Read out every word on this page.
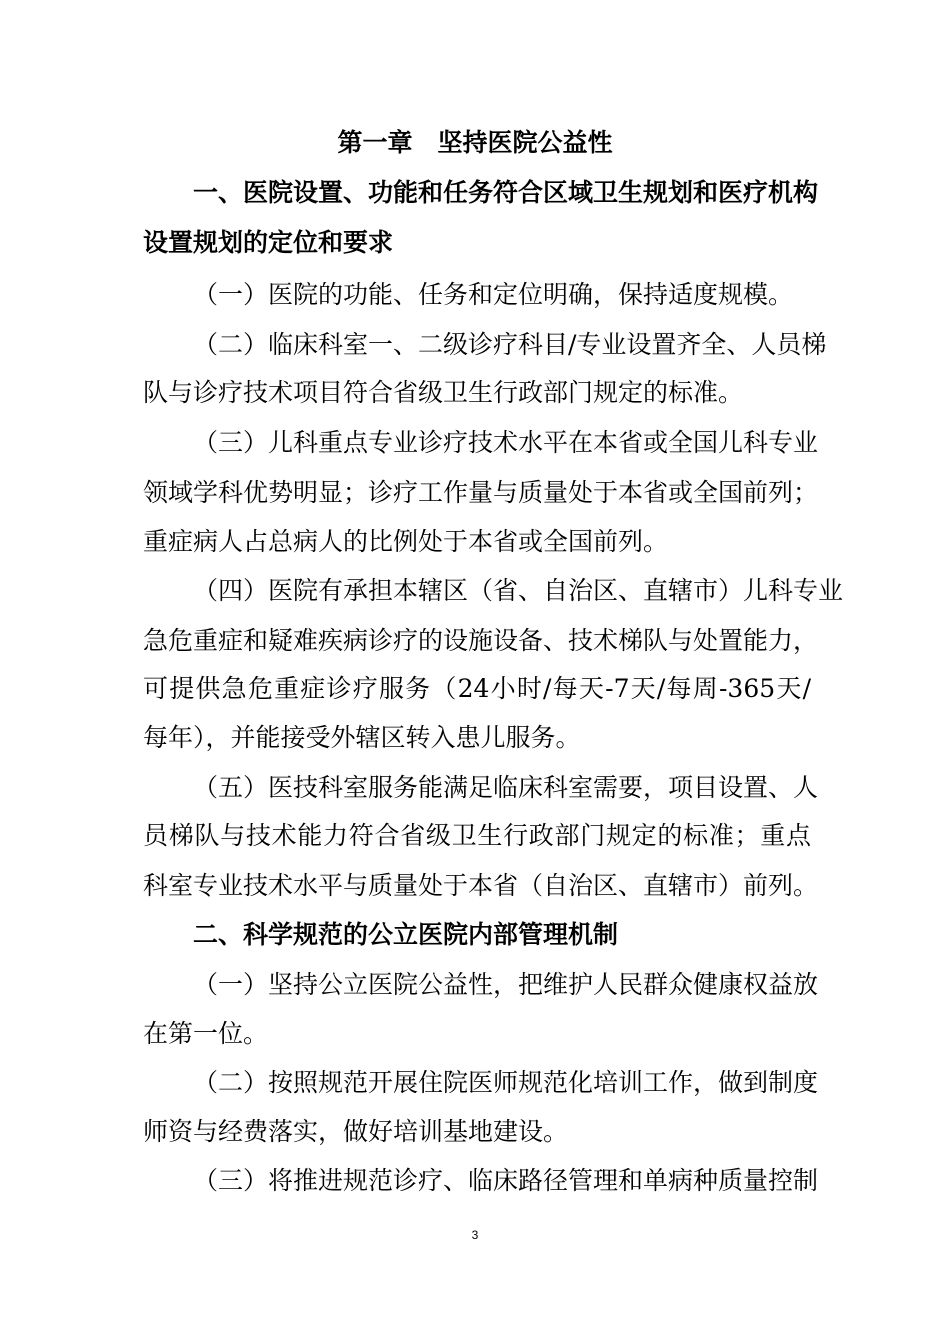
第一章　坚持医院公益性
一、医院设置、功能和任务符合区域卫生规划和医疗机构
设置规划的定位和要求
（一）医院的功能、任务和定位明确，保持适度规模。
（二）临床科室一、二级诊疗科目/专业设置齐全、人员梯
队与诊疗技术项目符合省级卫生行政部门规定的标准。
（三）儿科重点专业诊疗技术水平在本省或全国儿科专业
领域学科优势明显；诊疗工作量与质量处于本省或全国前列；
重症病人占总病人的比例处于本省或全国前列。
（四）医院有承担本辖区（省、自治区、直辖市）儿科专业
急危重症和疑难疾病诊疗的设施设备、技术梯队与处置能力，
可提供急危重症诊疗服务（24小时/每天-7天/每周-365天/
每年），并能接受外辖区转入患儿服务。
（五）医技科室服务能满足临床科室需要，项目设置、人
员梯队与技术能力符合省级卫生行政部门规定的标准；重点
科室专业技术水平与质量处于本省（自治区、直辖市）前列。
二、科学规范的公立医院内部管理机制
（一）坚持公立医院公益性，把维护人民群众健康权益放
在第一位。
（二）按照规范开展住院医师规范化培训工作，做到制度
师资与经费落实，做好培训基地建设。
（三）将推进规范诊疗、临床路径管理和单病种质量控制
3
